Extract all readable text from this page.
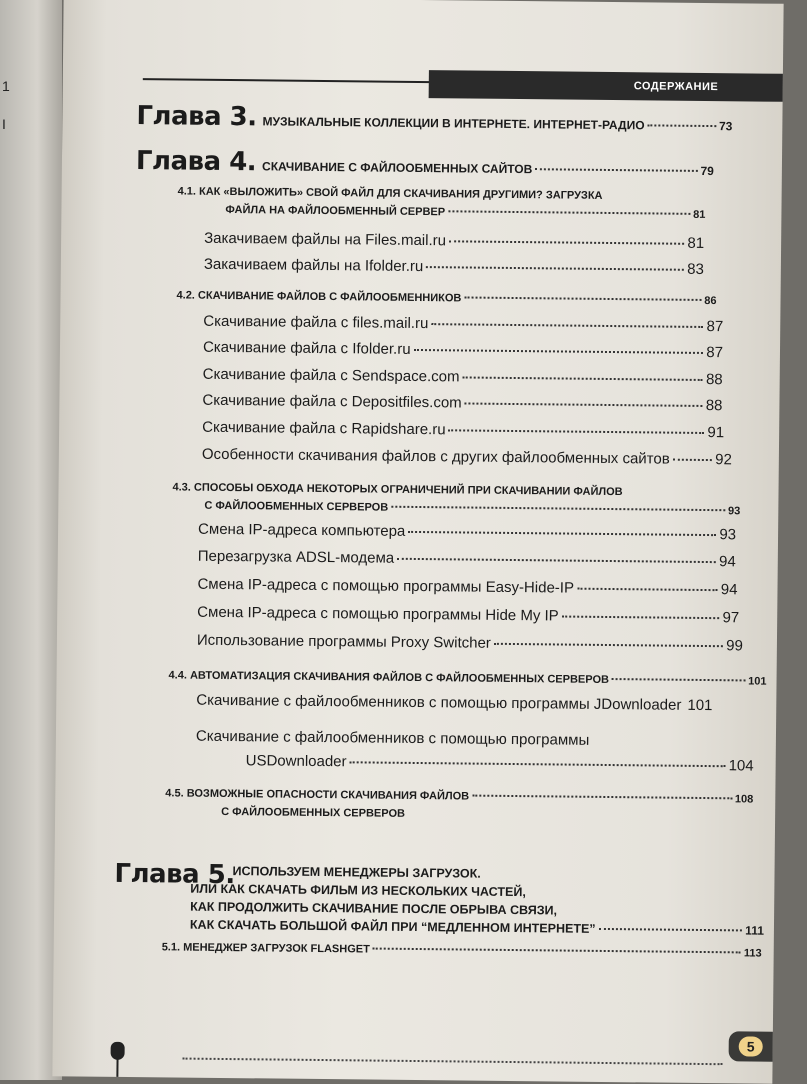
1
I
СОДЕРЖАНИЕ
Глава 3. МУЗЫКАЛЬНЫЕ КОЛЛЕКЦИИ В ИНТЕРНЕТЕ. ИНТЕРНЕТ-РАДИО	73
Глава 4. СКАЧИВАНИЕ С ФАЙЛООБМЕННЫХ САЙТОВ	79
4.1. КАК «ВЫЛОЖИТЬ» СВОЙ ФАЙЛ ДЛЯ СКАЧИВАНИЯ ДРУГИМИ? ЗАГРУЗКА
ФАЙЛА НА ФАЙЛООБМЕННЫЙ СЕРВЕР	81
Закачиваем файлы на Files.mail.ru	81
Закачиваем файлы на Ifolder.ru	83
4.2. СКАЧИВАНИЕ ФАЙЛОВ С ФАЙЛООБМЕННИКОВ	86
Скачивание файла с files.mail.ru	87
Скачивание файла с Ifolder.ru	87
Скачивание файла с Sendspace.com	88
Скачивание файла с Depositfiles.com	88
Скачивание файла с Rapidshare.ru	91
Особенности скачивания файлов с других файлообменных сайтов	92
4.3. СПОСОБЫ ОБХОДА НЕКОТОРЫХ ОГРАНИЧЕНИЙ ПРИ СКАЧИВАНИИ ФАЙЛОВ
С ФАЙЛООБМЕННЫХ СЕРВЕРОВ	93
Смена IP-адреса компьютера	93
Перезагрузка ADSL-модема	94
Смена IP-адреса с помощью программы Easy-Hide-IP	94
Смена IP-адреса с помощью программы Hide My IP	97
Использование программы Proxy Switcher	99
4.4. АВТОМАТИЗАЦИЯ СКАЧИВАНИЯ ФАЙЛОВ С ФАЙЛООБМЕННЫХ СЕРВЕРОВ	101
Скачивание с файлообменников с помощью программы JDownloader 101
Скачивание с файлообменников с помощью программы
USDownloader	104
4.5. ВОЗМОЖНЫЕ ОПАСНОСТИ СКАЧИВАНИЯ ФАЙЛОВ	108
С ФАЙЛООБМЕННЫХ СЕРВЕРОВ
Глава 5.
ИСПОЛЬЗУЕМ МЕНЕДЖЕРЫ ЗАГРУЗОК.
ИЛИ КАК СКАЧАТЬ ФИЛЬМ ИЗ НЕСКОЛЬКИХ ЧАСТЕЙ,
КАК ПРОДОЛЖИТЬ СКАЧИВАНИЕ ПОСЛЕ ОБРЫВА СВЯЗИ,
КАК СКАЧАТЬ БОЛЬШОЙ ФАЙЛ ПРИ “МЕДЛЕННОМ ИНТЕРНЕТЕ”	111
5.1. МЕНЕДЖЕР ЗАГРУЗОК FLASHGET	113
5
